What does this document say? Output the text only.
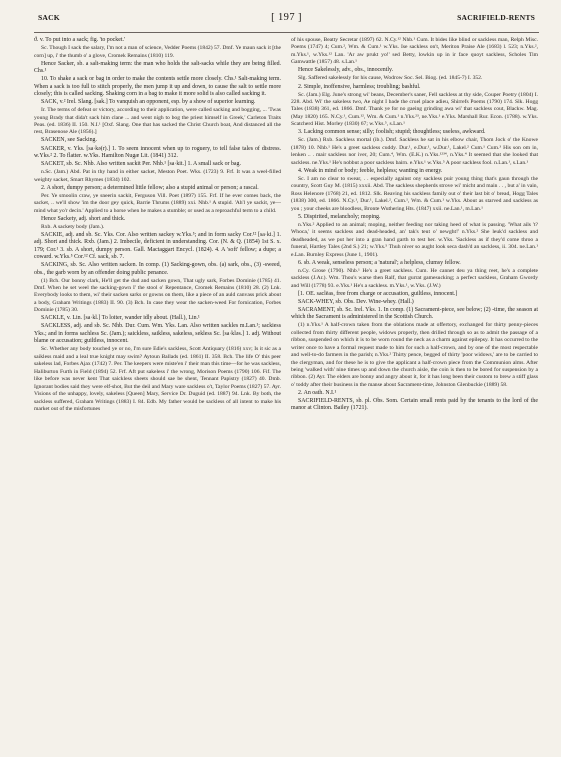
SACK	[ 197 ]	SACRIFIELD-RENTS

ϑ. v. To put into a sack; fig. 'to pocket.'

Sc. Though I sack the salary, I'm not a man of science, Vedder Poems (1842) 57. Dmf. Ye maun sack it [the corn] up, i' the thumb o' a glove, Cromek Remains (1810) 119.

Hence Sacker, sb. a salt-making term: the man who holds the salt-sacks while they are being filled. Chs.¹

10. To shake a sack or bag in order to make the contents settle more closely. Chs.¹ Salt-making term. When a sack is too full to stitch properly, the men jump it up and down, to cause the salt to settle more closely; this is called sacking. Shaking corn in a bag to make it more solid is also called sacking it.

SACK, v.² Irel. Slang. [sak.] To vanquish an opponent, esp. by a show of superior learning.

Ir. The terms of defeat or victory, according to their application, were called sacking and bogging, ... 'Twas young Brady that dida't sack him clane ... and went nigh to bog the priest himself in Greek,' Carleton Traits Peas. (ed. 1836) II. 150. N.I.¹ [Oxf. Slang. One that has sacked the Christ Church boat, And distanced all the rest, Brasenose Ale (1856).]

SACKEN, see Sacking.

SACKER, v. Yks. [sa·kə(r).] 1. To seem innocent when up to roguery, to tell false tales of distress. w.Yks.² 2. To flatter. w.Yks. Hamilton Nugæ Lit. (1841) 312.

SACKET, sb. Sc. Nhb. Also written sackit Per. Nhb.¹ [sa·kit.] 1. A small sack or bag.

n.Sc. (Jam.) Abd. Pat in thy hand in either sacket, Meston Poet. Wks. (1723) 9. Frf. It was a weel-filled weighty sacket, Smart Rhymes (1834) 102.

2. A short, dumpy person; a determined little fellow; also a stupid animal or person; a rascal.

Per. Ye smoolin craw, ye sneerin sackit, Ferguson Vill. Poet (1897) 155. Frf. If he ever comes back, the sacket, .. we'll show 'im the door gey quick, Barrie Thrums (1889) xxi. Nhb.¹ A stupid. 'Ah'l ye sackit, ye—mind what yo'r decin.' Applied to a horse when he makes a stumble; or used as a reproachful term to a child.

Hence Sackety, adj. short and thick.

Rxb. A sackety body (Jam.).

SACKIE, adj. and sb. Sc. Yks. Cor. Also written sackey w.Yks.⁵; and in form sacky Cor.¹² [sa·ki.] 1. adj. Short and thick. Rxb. (Jam.) 2. Imbecile, deficient in understanding. Cor. (N. & Q. (1854) 1st S. x. 179; Cor.¹ 3. sb. A short, dumpy person. Gall. Mactaggart Encycl. (1824). 4. A 'soft' fellow; a dupe; a coward. w.Yks.⁵ Cor.¹² Cf. sack, sb. 7.

SACKING, sb. Sc. Also written sacken. In comp. (1) Sacking-gown, obs. (a) sark, obs., (3) -sweed, obs., the garb worn by an offender doing public penance.

(1) Bch. Our bonny clark, He'll get the dud and sacken gown, That ugly sark, Forbes Dominie (1785) 41. Dmf. When he set weel the sacking-gown I' the stool o' Repentance, Cromek Remains (1810) 28. (2) Lnk. Everybody looks to them, wi' their sacken sarks or gowns on them, like a piece of an auld canvass prick about a body, Graham Writings (1883) II. 90. (3) Bch. In case they wear the sacken-weed For fornication, Forbes Dominie (1785) 30.

SACKLE, v. Lin. [sa·kl.] To loiter, wander idly about. (Hall.), Lin.¹

SACKLESS, adj. and sb. Sc. Nhb. Dur. Cum. Wm. Yks. Lan. Also written sackles m.Lan.¹; sackiess Yks.; and in forms sachless Sc. (Jam.); saickless, saikless, sakeless, sekless Sc. [sa·kləs.] 1. adj. Without blame or accusation; guiltless, innocent.

Sc. Whether any body touched ye or no, I'm sure Edie's sackless, Scott Antiquary (1816) xxv; Is it sic as a saikless maid and a leal true knight may swim? Aytoun Ballads (ed. 1861) II. 358. Bch. The life O' this peer sakeless lad, Forbes Ajax (1742) 7. Per. The keepers were miste'en i' their man this time—for he was sackless, Haliburton Furth in Field (1894) 52. Frf. Aft put sakeless i' the wrong, Morison Poems (1790) 106. Fif. The like before was never kent That saickless sheets should sae be shent, Tennant Papistry (1827) 40. Dmb. Ignorant bodies said they were elf-shot, But the deil and Mary ware sackless o't, Taylor Poems (1827) 57. Ayr. Visions of the unhappy, lovely, sakeless [Queen] Mary, Service Dr. Duguid (ed. 1887) 94. Lnk. By both, the sackless suffered, Graham Writings (1883) I. 84. Edb. My father would be sackless of all intent to make his market out of the misfortunes

of his spouse, Beatty Secretar (1897) 62. N.Cy.¹² Nhb.¹ Cum. It bides like blind or sackless man, Relph Misc. Poems (1747) 4; Cum.², Wm. & Cum.¹ w.Yks. Ise sackless on't, Meriton Praise Ale (1683) l. 523; n.Yks.², m.Yks.¹, w.Yks.¹² Lan. 'Ar aw prukt yo!' sed Betty, lowkin up in ir face quoyt sackless, Scholes Tim Gamwattle (1857) 48. s.Lan.¹

Hence Sakelessly, adv., obs., innocently.

Slg. Saffered sakelessly for his cause, Wodrow Soc. Sel. Biog. (ed. 1845-7) I. 352.

2. Simple, inoffensive, harmless; troubling; bashful.

Sc. (Jam.) Elg. June's strong wi' beans, December's saner, Fell sackless at thy side, Couper Poetry (1804) I. 228. Abd. Wi' the sakeless two, Ae night I bade the cruel place adieu, Shirrefs Poems (1790) 174. Slk. Hogg Tales (1838) 361, ed. 1866. Dmf. Thank ye for no gaeing grinding awa wi' that sackless cout, Blackw. Mag. (May 1820) 165. N.Cy.¹, Cum.¹², Wm. & Cum.¹ n.Yks.²³, ne.Yks.¹ e.Yks. Marshall Rur. Econ. (1788). w.Yks. Scatcherd Hist. Morley (1830) 67; w.Yks.⁵, s.Lan.¹

3. Lacking common sense; silly; foolish; stupid; thoughtless; useless, awkward.

Sc. (Jam.) Rxb. Sackless mortal (ib.). Dmf. Sackless he sat in his elbow chair, Thom Jock o' the Knowe (1878) 10. Nhb.¹ He's a greet sackless cuddy. Dur.¹, e.Dur.¹, w.Dur.¹, Lakel.² Cum.¹ Cum.³ His son om in, lenken .. . mair sackless nor iver, 20; Cum.⁴, Wm. (E.K.) n.Yks.¹²³⁴, n.Yks.⁴ It seemed that she looked that sackless. ne.Yks.¹ He's nobbut a poor sackless bairn. e.Yks.¹ w.Yks.⁵ A poor sackless fool. n.Lan.¹, s.Lan.¹

4. Weak in mind or body; feeble, helpless; wanting in energy.

Sc. I am no clear to swear, . . especially against ony sackless puir young thing that's gaun through the country, Scott Guy M. (1815) xxxii. Abd. The sackless shepherds strove wi' micht and main . . , but a' in vain, Ross Helenore (1768) 21, ed. 1812. Slk. Reaving his sackless family out o' their last bit o' bread, Hogg Tales (1838) 300, ed. 1866. N.Cy.¹, Dur.¹, Lakel.², Cum.¹, Wm. & Cum.¹ w.Yks. About as starved and sackless as you ; your cheeks are bloodless, Bronte Wuthering Hts. (1847) xxii. ne.Lan.¹, m.Lan.¹

5. Dispirited, melancholy; moping.

n.Yks.² Applied to an animal; moping, neither feeding nor taking heed of what is passing. 'What ails 't? Whoca,' it seems sackless and dead-headed, an' tak's teut o' newght!' n.Yks.² She leuk'd sackless and deadheaded, as we put her into a gran hand garth to test her. w.Yks. 'Sackless as if they'd come throo a funeral, Hartley Tales (2nd S.) 21; w.Yks.⁵ Thuh niver so aught look seca dash'd an sackless, ii. 304. ne.Lan.¹ e.Lan. Burnley Express (June 1, 1901).

6. sb. A weak, senseless person; a 'natural'; a helpless, clumsy fellow.

n.Cy. Grose (1790). Nhb.¹ He's a greet sackless. Cum. He cannet deu ya thing reet, he's a complete sackless (J.Ar.). Wm. Thou's warse then Ralf, that gurrat gamesucking; a perfect sackless, Graham Gwordy and Will (1778) 93. e.Yks.¹ He's a sackless. m.Yks.¹, w.Yks. (J.W.)

[1. OE. saclēas, free from charge or accusation, guiltless, innocent.]

SACK-WHEY, sb. Obs. Dev. Wine-whey. (Hall.)

SACRAMENT, sb. Sc. Irel. Yks. 1. In comp. (1) Sacrament-piece, see below; (2) -time, the season at which the Sacrament is administered in the Scottish Church.

(1) n.Yks.¹ A half-crown taken from the oblations made at offertory, exchanged for thirty penny-pieces collected from thirty different people, widows properly, then drilled through so as to admit the passage of a ribbon, suspended on which it is to be worn round the neck as a charm against epilepsy. It has occurred to the writer once to have a formal request made to him for such a half-crown, and by one of the most respectable and well-to-do farmers in the parish; n.Yks.² Thirty pence, begged of thirty 'poor widows,' are to be carried to the clergyman, and for these he is to give the applicant a half-crown piece from the Communion alms. After being 'walked with' nine times up and down the church aisle, the coin is then to be bored for suspension by a ribbon. (2) Ayr. The elders are bonny and angry about it, for it has long been their custom to brew a stiff glass o' toddy after their business in the manse about Sacrament-time, Johnston Glenbuckie (1889) 58.

2. An oath. N.I.¹

SACRIFIELD-RENTS, sb. pl. Obs. Som. Certain small rents paid by the tenants to the lord of the manor at Clinton. Bailey (1721).
